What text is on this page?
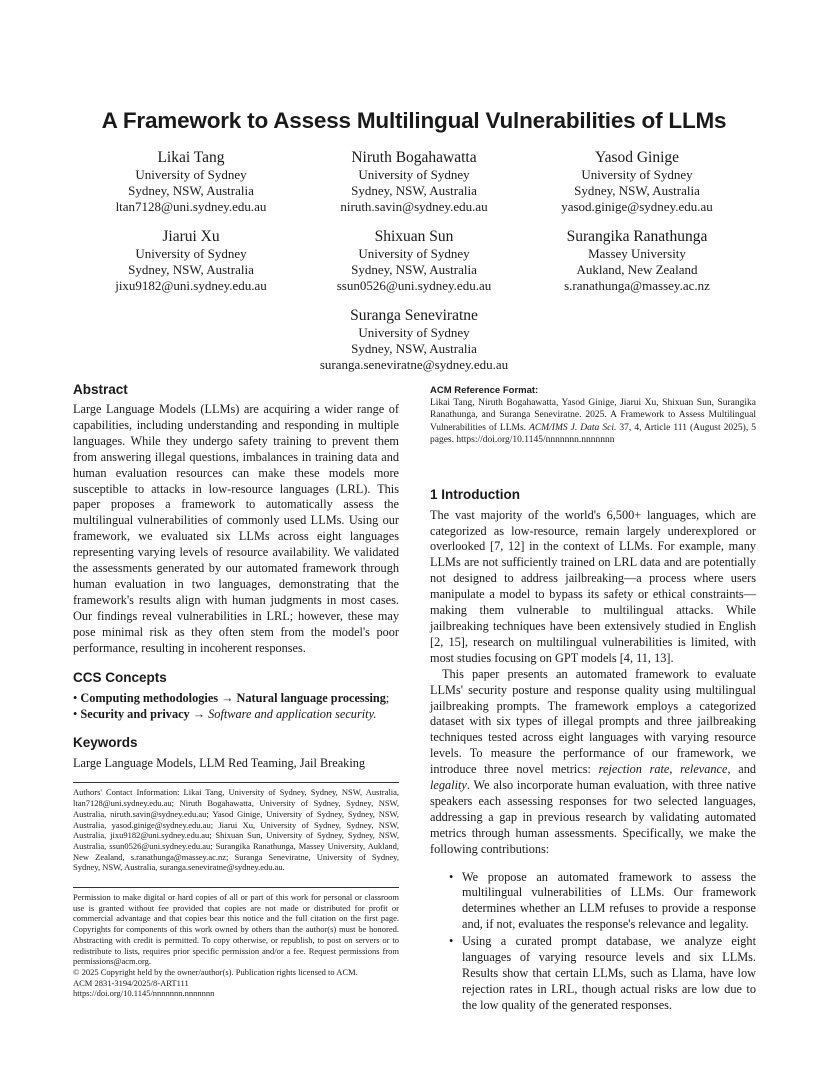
A Framework to Assess Multilingual Vulnerabilities of LLMs
Likai Tang
University of Sydney
Sydney, NSW, Australia
ltan7128@uni.sydney.edu.au
Niruth Bogahawatta
University of Sydney
Sydney, NSW, Australia
niruth.savin@sydney.edu.au
Yasod Ginige
University of Sydney
Sydney, NSW, Australia
yasod.ginige@sydney.edu.au
Jiarui Xu
University of Sydney
Sydney, NSW, Australia
jixu9182@uni.sydney.edu.au
Shixuan Sun
University of Sydney
Sydney, NSW, Australia
ssun0526@uni.sydney.edu.au
Surangika Ranathunga
Massey University
Aukland, New Zealand
s.ranathunga@massey.ac.nz
Suranga Seneviratne
University of Sydney
Sydney, NSW, Australia
suranga.seneviratne@sydney.edu.au
Abstract

Large Language Models (LLMs) are acquiring a wider range of capabilities, including understanding and responding in multiple languages. While they undergo safety training to prevent them from answering illegal questions, imbalances in training data and human evaluation resources can make these models more susceptible to attacks in low-resource languages (LRL). This paper proposes a framework to automatically assess the multilingual vulnerabilities of commonly used LLMs. Using our framework, we evaluated six LLMs across eight languages representing varying levels of resource availability. We validated the assessments generated by our automated framework through human evaluation in two languages, demonstrating that the framework's results align with human judgments in most cases. Our findings reveal vulnerabilities in LRL; however, these may pose minimal risk as they often stem from the model's poor performance, resulting in incoherent responses.

CCS Concepts

• Computing methodologies → Natural language processing;

• Security and privacy → Software and application security.

Keywords

Large Language Models, LLM Red Teaming, Jail Breaking

Authors' Contact Information: Likai Tang, University of Sydney, Sydney, NSW, Australia, ltan7128@uni.sydney.edu.au; Niruth Bogahawatta, University of Sydney, Sydney, NSW, Australia, niruth.savin@sydney.edu.au; Yasod Ginige, University of Sydney, Sydney, NSW, Australia, yasod.ginige@sydney.edu.au; Jiarui Xu, University of Sydney, Sydney, NSW, Australia, jixu9182@uni.sydney.edu.au; Shixuan Sun, University of Sydney, Sydney, NSW, Australia, ssun0526@uni.sydney.edu.au; Surangika Ranathunga, Massey University, Aukland, New Zealand, s.ranathunga@massey.ac.nz; Suranga Seneviratne, University of Sydney, Sydney, NSW, Australia, suranga.seneviratne@sydney.edu.au.

Permission to make digital or hard copies of all or part of this work for personal or classroom use is granted without fee provided that copies are not made or distributed for profit or commercial advantage and that copies bear this notice and the full citation on the first page. Copyrights for components of this work owned by others than the author(s) must be honored. Abstracting with credit is permitted. To copy otherwise, or republish, to post on servers or to redistribute to lists, requires prior specific permission and/or a fee. Request permissions from permissions@acm.org.

© 2025 Copyright held by the owner/author(s). Publication rights licensed to ACM.

ACM 2831-3194/2025/8-ART111

https://doi.org/10.1145/nnnnnnn.nnnnnnn

ACM Reference Format:

Likai Tang, Niruth Bogahawatta, Yasod Ginige, Jiarui Xu, Shixuan Sun, Surangika Ranathunga, and Suranga Seneviratne. 2025. A Framework to Assess Multilingual Vulnerabilities of LLMs. ACM/IMS J. Data Sci. 37, 4, Article 111 (August 2025), 5 pages. https://doi.org/10.1145/nnnnnnn.nnnnnnn

1 Introduction

The vast majority of the world's 6,500+ languages, which are categorized as low-resource, remain largely underexplored or overlooked [7, 12] in the context of LLMs. For example, many LLMs are not sufficiently trained on LRL data and are potentially not designed to address jailbreaking—a process where users manipulate a model to bypass its safety or ethical constraints—making them vulnerable to multilingual attacks. While jailbreaking techniques have been extensively studied in English [2, 15], research on multilingual vulnerabilities is limited, with most studies focusing on GPT models [4, 11, 13].

This paper presents an automated framework to evaluate LLMs' security posture and response quality using multilingual jailbreaking prompts. The framework employs a categorized dataset with six types of illegal prompts and three jailbreaking techniques tested across eight languages with varying resource levels. To measure the performance of our framework, we introduce three novel metrics: rejection rate, relevance, and legality. We also incorporate human evaluation, with three native speakers each assessing responses for two selected languages, addressing a gap in previous research by validating automated metrics through human assessments. Specifically, we make the following contributions:

• We propose an automated framework to assess the multilingual vulnerabilities of LLMs. Our framework determines whether an LLM refuses to provide a response and, if not, evaluates the response's relevance and legality.
• Using a curated prompt database, we analyze eight languages of varying resource levels and six LLMs. Results show that certain LLMs, such as Llama, have low rejection rates in LRL, though actual risks are low due to the low quality of the generated responses.
